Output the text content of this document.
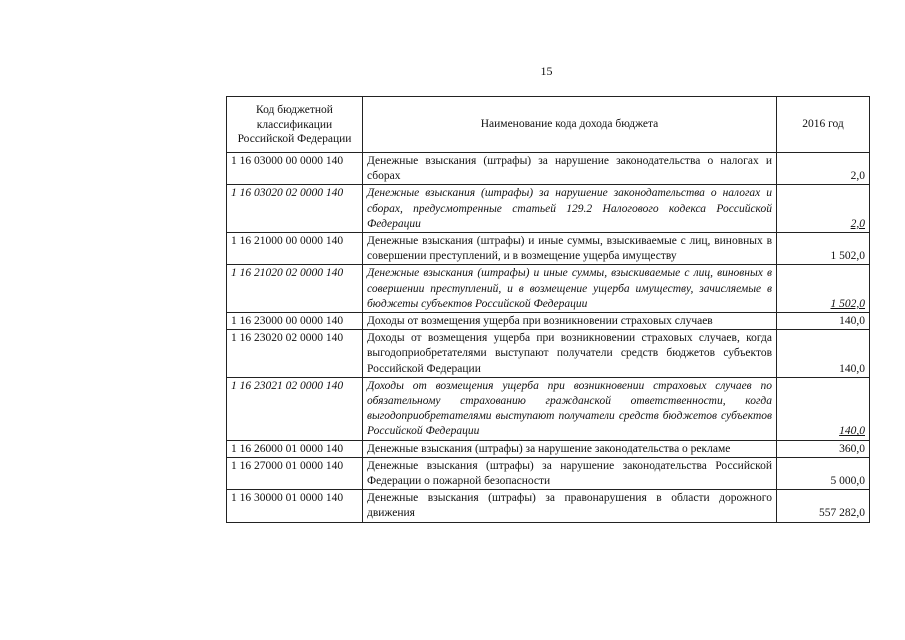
15
Код бюджетной классификации Российской Федерации	Наименование кода дохода бюджета	2016 год
1 16 03000 00 0000 140	Денежные взыскания (штрафы) за нарушение законодательства о налогах и сборах	2,0
1 16 03020 02 0000 140	Денежные взыскания (штрафы) за нарушение законодательства о налогах и сборах, предусмотренные статьей 129.2 Налогового кодекса Российской Федерации	2,0
1 16 21000 00 0000 140	Денежные взыскания (штрафы) и иные суммы, взыскиваемые с лиц, виновных в совершении преступлений, и в возмещение ущерба имуществу	1 502,0
1 16 21020 02 0000 140	Денежные взыскания (штрафы) и иные суммы, взыскиваемые с лиц, виновных в совершении преступлений, и в возмещение ущерба имуществу, зачисляемые в бюджеты субъектов Российской Федерации	1 502,0
1 16 23000 00 0000 140	Доходы от возмещения ущерба при возникновении страховых случаев	140,0
1 16 23020 02 0000 140	Доходы от возмещения ущерба при возникновении страховых случаев, когда выгодоприобретателями выступают получатели средств бюджетов субъектов Российской Федерации	140,0
1 16 23021 02 0000 140	Доходы от возмещения ущерба при возникновении страховых случаев по обязательному страхованию гражданской ответственности, когда выгодоприобретателями выступают получатели средств бюджетов субъектов Российской Федерации	140,0
1 16 26000 01 0000 140	Денежные взыскания (штрафы) за нарушение законодательства о рекламе	360,0
1 16 27000 01 0000 140	Денежные взыскания (штрафы) за нарушение законодательства Российской Федерации о пожарной безопасности	5 000,0
1 16 30000 01 0000 140	Денежные взыскания (штрафы) за правонарушения в области дорожного движения	557 282,0
